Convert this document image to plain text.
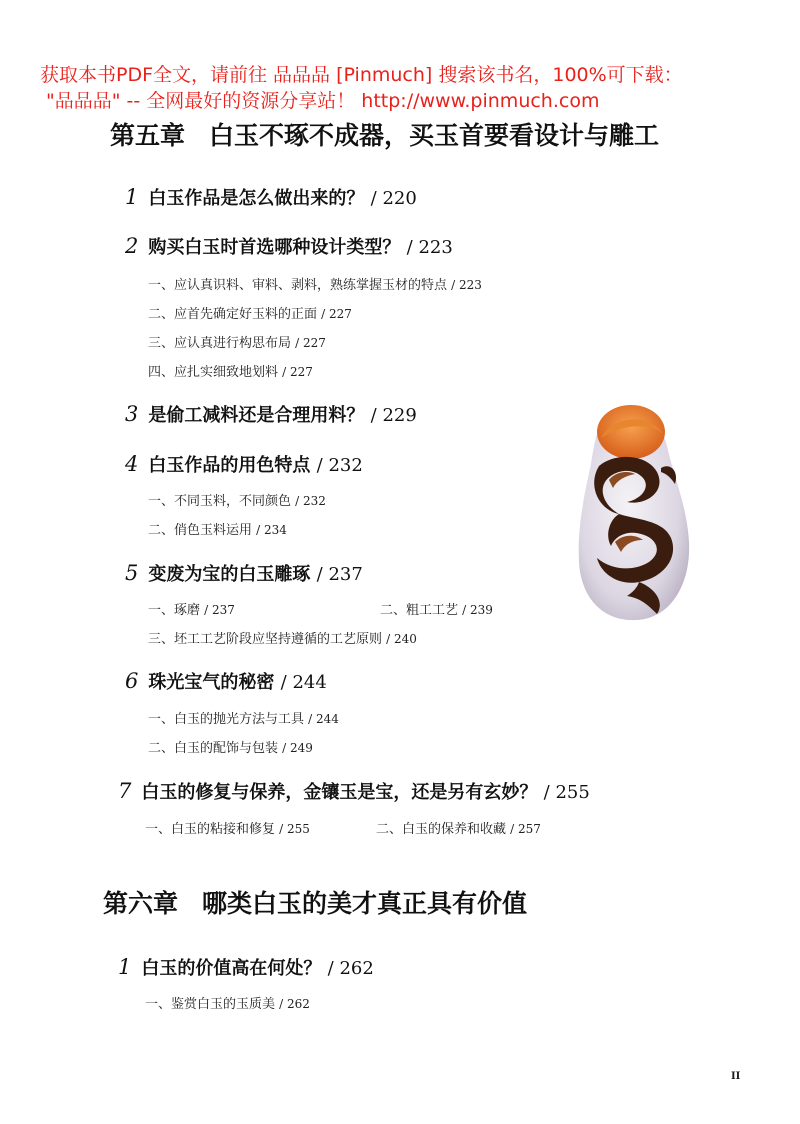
获取本书PDF全文，请前往 品品品 [Pinmuch] 搜索该书名，100%可下载：
"品品品" -- 全网最好的资源分享站！ http://www.pinmuch.com
第五章 白玉不琢不成器，买玉首要看设计与雕工
1 白玉作品是怎么做出来的？ / 220
2 购买白玉时首选哪种设计类型？ / 223
一、应认真识料、审料、剥料，熟练掌握玉材的特点 / 223
二、应首先确定好玉料的正面 / 227
三、应认真进行构思布局 / 227
四、应扎实细致地划料 / 227
3 是偷工减料还是合理用料？ / 229
4 白玉作品的用色特点 / 232
一、不同玉料，不同颜色 / 232
二、俏色玉料运用 / 234
5 变废为宝的白玉雕琢 / 237
一、琢磨 / 237	二、粗工工艺 / 239
三、坯工工艺阶段应坚持遵循的工艺原则 / 240
6 珠光宝气的秘密 / 244
一、白玉的抛光方法与工具 / 244
二、白玉的配饰与包装 / 249
7 白玉的修复与保养，金镶玉是宝，还是另有玄妙？ / 255
一、白玉的粘接和修复 / 255	二、白玉的保养和收藏 / 257
第六章 哪类白玉的美才真正具有价值
1 白玉的价值高在何处？ / 262
一、鉴赏白玉的玉质美 / 262
II
